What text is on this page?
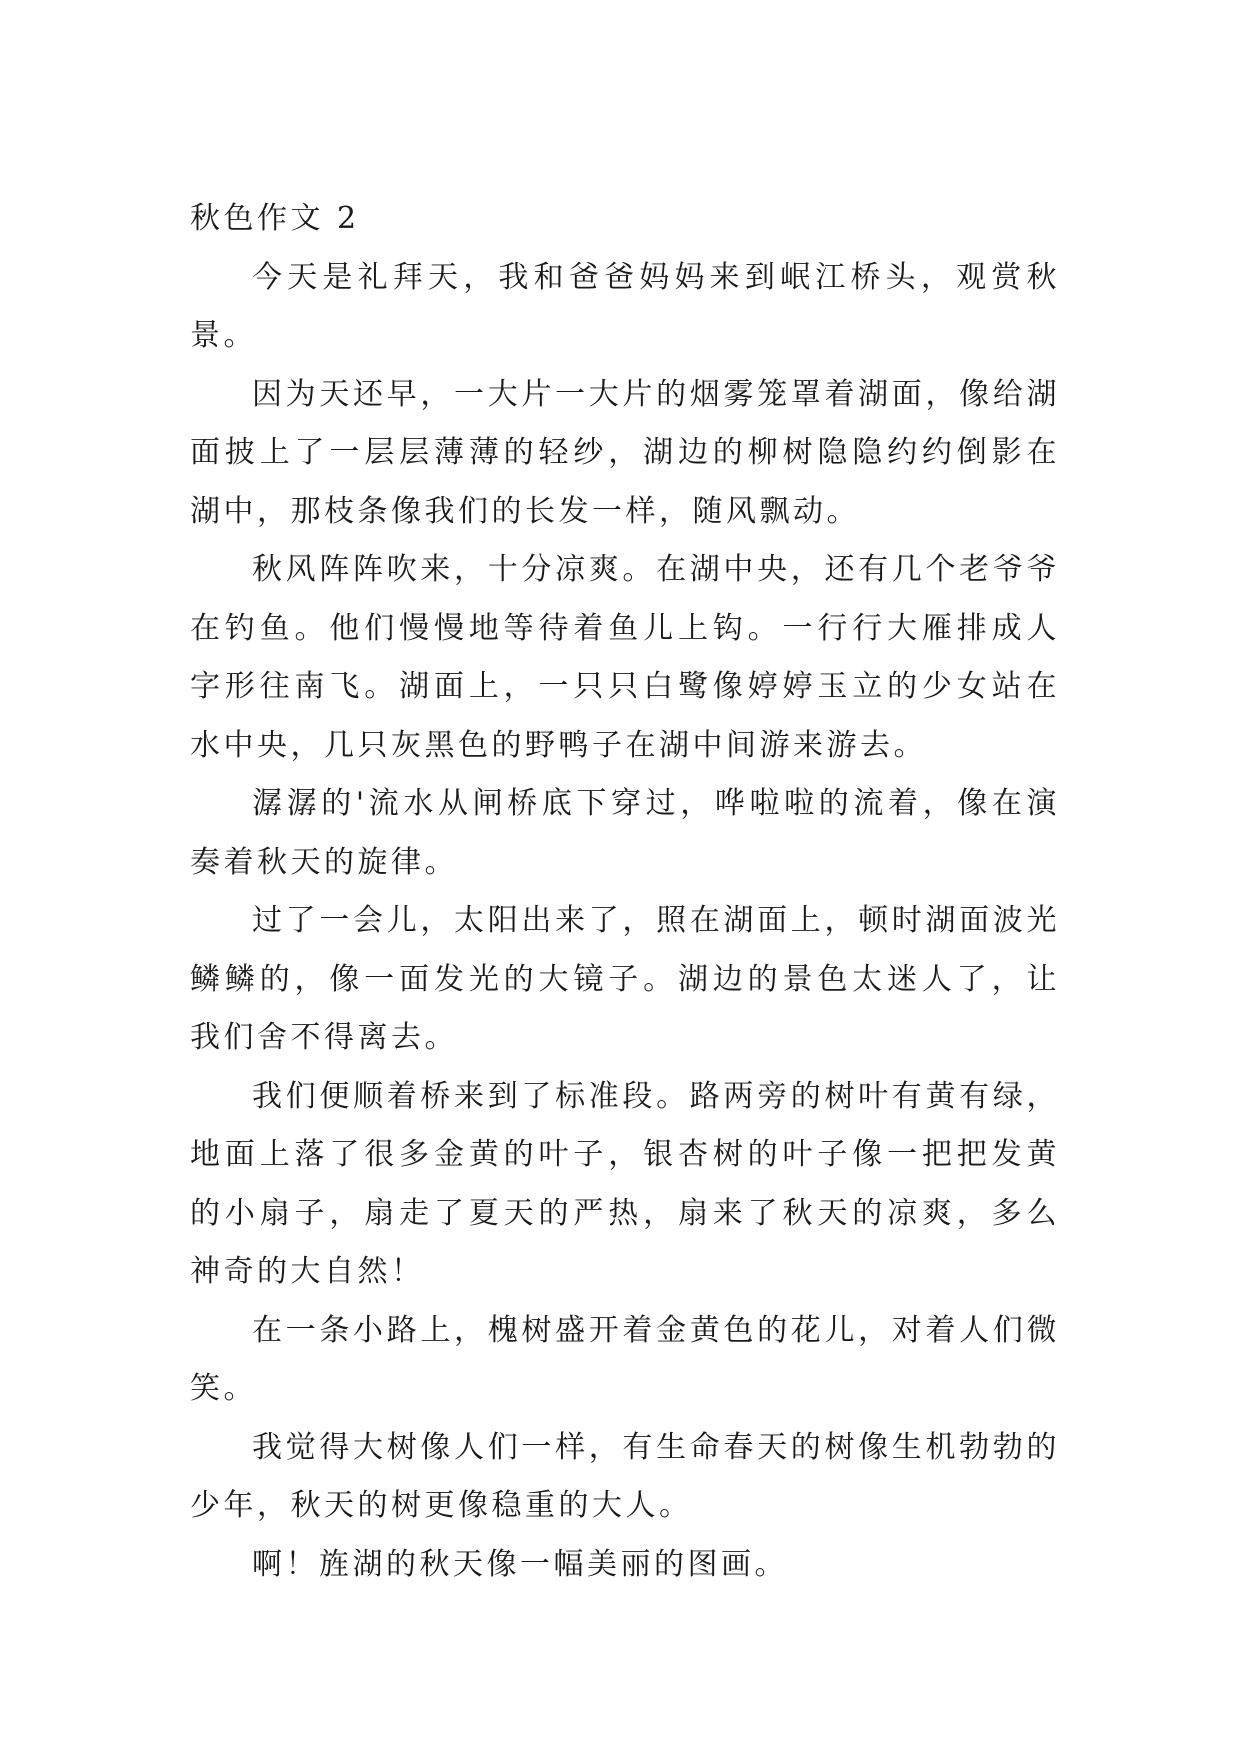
秋色作文 2

今天是礼拜天，我和爸爸妈妈来到岷江桥头，观赏秋景。

因为天还早，一大片一大片的烟雾笼罩着湖面，像给湖面披上了一层层薄薄的轻纱，湖边的柳树隐隐约约倒影在湖中，那枝条像我们的长发一样，随风飘动。

秋风阵阵吹来，十分凉爽。在湖中央，还有几个老爷爷在钓鱼。他们慢慢地等待着鱼儿上钩。一行行大雁排成人字形往南飞。湖面上，一只只白鹭像婷婷玉立的少女站在水中央，几只灰黑色的野鸭子在湖中间游来游去。

潺潺的'流水从闸桥底下穿过，哗啦啦的流着，像在演奏着秋天的旋律。

过了一会儿，太阳出来了，照在湖面上，顿时湖面波光鳞鳞的，像一面发光的大镜子。湖边的景色太迷人了，让我们舍不得离去。

我们便顺着桥来到了标准段。路两旁的树叶有黄有绿，地面上落了很多金黄的叶子，银杏树的叶子像一把把发黄的小扇子，扇走了夏天的严热，扇来了秋天的凉爽，多么神奇的大自然！

在一条小路上，槐树盛开着金黄色的花儿，对着人们微笑。

我觉得大树像人们一样，有生命春天的树像生机勃勃的少年，秋天的树更像稳重的大人。

啊！旌湖的秋天像一幅美丽的图画。
